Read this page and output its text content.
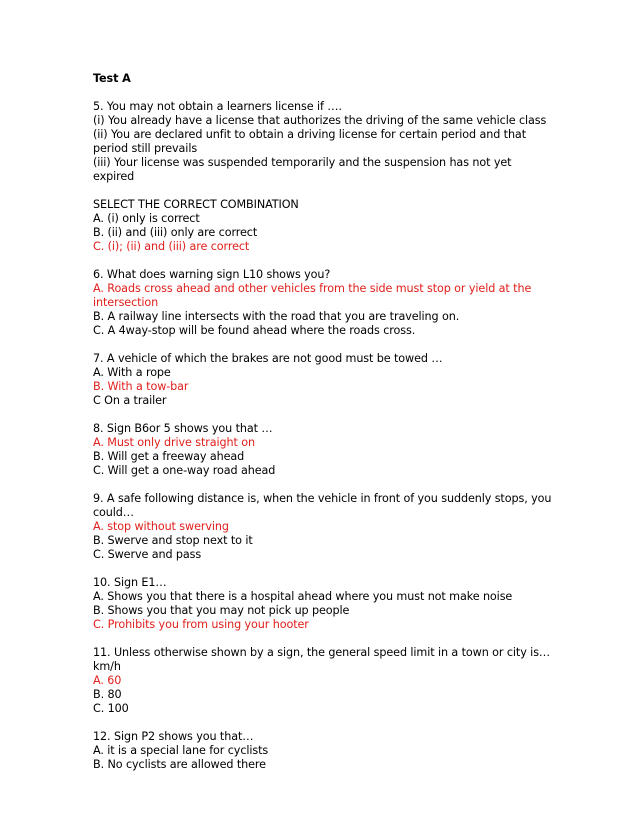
Test A
5. You may not obtain a learners license if ….
(i) You already have a license that authorizes the driving of the same vehicle class
(ii) You are declared unfit to obtain a driving license for certain period and that period still prevails
(iii) Your license was suspended temporarily and the suspension has not yet expired
SELECT THE CORRECT COMBINATION
A. (i) only is correct
B. (ii) and (iii) only are correct
C. (i); (ii) and (iii) are correct
6. What does warning sign L10 shows you?
A. Roads cross ahead and other vehicles from the side must stop or yield at the intersection
B. A railway line intersects with the road that you are traveling on.
C. A 4way-stop will be found ahead where the roads cross.
7. A vehicle of which the brakes are not good must be towed …
A. With a rope
B. With a tow-bar
C On a trailer
8. Sign B6or 5 shows you that …
A. Must only drive straight on
B. Will get a freeway ahead
C. Will get a one-way road ahead
9. A safe following distance is, when the vehicle in front of you suddenly stops, you could…
A. stop without swerving
B. Swerve and stop next to it
C. Swerve and pass
10. Sign E1…
A. Shows you that there is a hospital ahead where you must not make noise
B. Shows you that you may not pick up people
C. Prohibits you from using your hooter
11. Unless otherwise shown by a sign, the general speed limit in a town or city is… km/h
A. 60
B. 80
C. 100
12. Sign P2 shows you that…
A. it is a special lane for cyclists
B. No cyclists are allowed there
